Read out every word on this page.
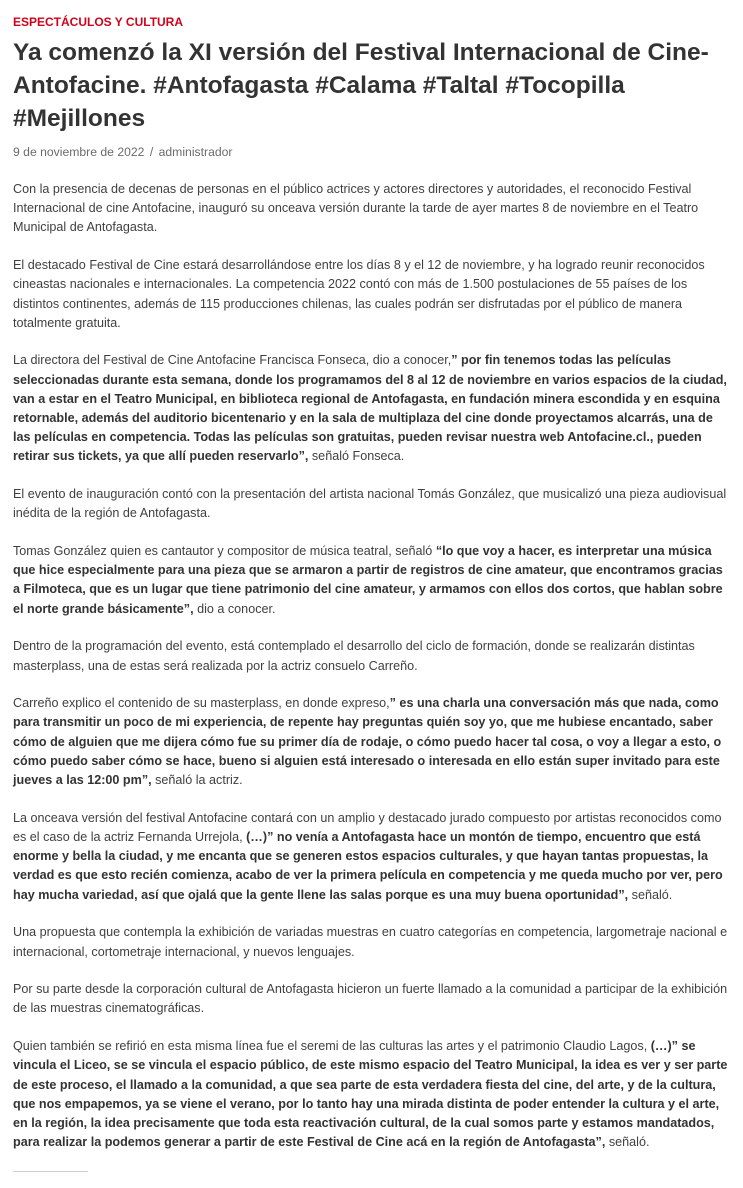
ESPECTÁCULOS Y CULTURA
Ya comenzó la XI versión del Festival Internacional de Cine-Antofacine. #Antofagasta #Calama #Taltal #Tocopilla #Mejillones
9 de noviembre de 2022 / administrador

Con la presencia de decenas de personas en el público actrices y actores directores y autoridades, el reconocido Festival Internacional de cine Antofacine, inauguró su onceava versión durante la tarde de ayer martes 8 de noviembre en el Teatro Municipal de Antofagasta.

El destacado Festival de Cine estará desarrollándose entre los días 8 y el 12 de noviembre, y ha logrado reunir reconocidos cineastas nacionales e internacionales. La competencia 2022 contó con más de 1.500 postulaciones de 55 países de los distintos continentes, además de 115 producciones chilenas, las cuales podrán ser disfrutadas por el público de manera totalmente gratuita.

La directora del Festival de Cine Antofacine Francisca Fonseca, dio a conocer,” por fin tenemos todas las películas seleccionadas durante esta semana, donde los programamos del 8 al 12 de noviembre en varios espacios de la ciudad, van a estar en el Teatro Municipal, en biblioteca regional de Antofagasta, en fundación minera escondida y en esquina retornable, además del auditorio bicentenario y en la sala de multiplaza del cine donde proyectamos alcarrás, una de las películas en competencia. Todas las películas son gratuitas, pueden revisar nuestra web Antofacine.cl., pueden retirar sus tickets, ya que allí pueden reservarlo”, señaló Fonseca.

El evento de inauguración contó con la presentación del artista nacional Tomás González, que musicalizó una pieza audiovisual inédita de la región de Antofagasta.

Tomas González quien es cantautor y compositor de música teatral, señaló “lo que voy a hacer, es interpretar una música que hice especialmente para una pieza que se armaron a partir de registros de cine amateur, que encontramos gracias a Filmoteca, que es un lugar que tiene patrimonio del cine amateur, y armamos con ellos dos cortos, que hablan sobre el norte grande básicamente”, dio a conocer.

Dentro de la programación del evento, está contemplado el desarrollo del ciclo de formación, donde se realizarán distintas masterplass, una de estas será realizada por la actriz consuelo Carreño.

Carreño explico el contenido de su masterplass, en donde expreso,” es una charla una conversación más que nada, como para transmitir un poco de mi experiencia, de repente hay preguntas quién soy yo, que me hubiese encantado, saber cómo de alguien que me dijera cómo fue su primer día de rodaje, o cómo puedo hacer tal cosa, o voy a llegar a esto, o cómo puedo saber cómo se hace, bueno si alguien está interesado o interesada en ello están super invitado para este jueves a las 12:00 pm”, señaló la actriz.

La onceava versión del festival Antofacine contará con un amplio y destacado jurado compuesto por artistas reconocidos como es el caso de la actriz Fernanda Urrejola, (…)” no venía a Antofagasta hace un montón de tiempo, encuentro que está enorme y bella la ciudad, y me encanta que se generen estos espacios culturales, y que hayan tantas propuestas, la verdad es que esto recién comienza, acabo de ver la primera película en competencia y me queda mucho por ver, pero hay mucha variedad, así que ojalá que la gente llene las salas porque es una muy buena oportunidad”, señaló.

Una propuesta que contempla la exhibición de variadas muestras en cuatro categorías en competencia, largometraje nacional e internacional, cortometraje internacional, y nuevos lenguajes.

Por su parte desde la corporación cultural de Antofagasta hicieron un fuerte llamado a la comunidad a participar de la exhibición de las muestras cinematográficas.

Quien también se refirió en esta misma línea fue el seremi de las culturas las artes y el patrimonio Claudio Lagos, (…)” se vincula el Liceo, se se vincula el espacio público, de este mismo espacio del Teatro Municipal, la idea es ver y ser parte de este proceso, el llamado a la comunidad, a que sea parte de esta verdadera fiesta del cine, del arte, y de la cultura, que nos empapemos, ya se viene el verano, por lo tanto hay una mirada distinta de poder entender la cultura y el arte, en la región, la idea precisamente que toda esta reactivación cultural, de la cual somos parte y estamos mandatados, para realizar la podemos generar a partir de este Festival de Cine acá en la región de Antofagasta”, señaló.
